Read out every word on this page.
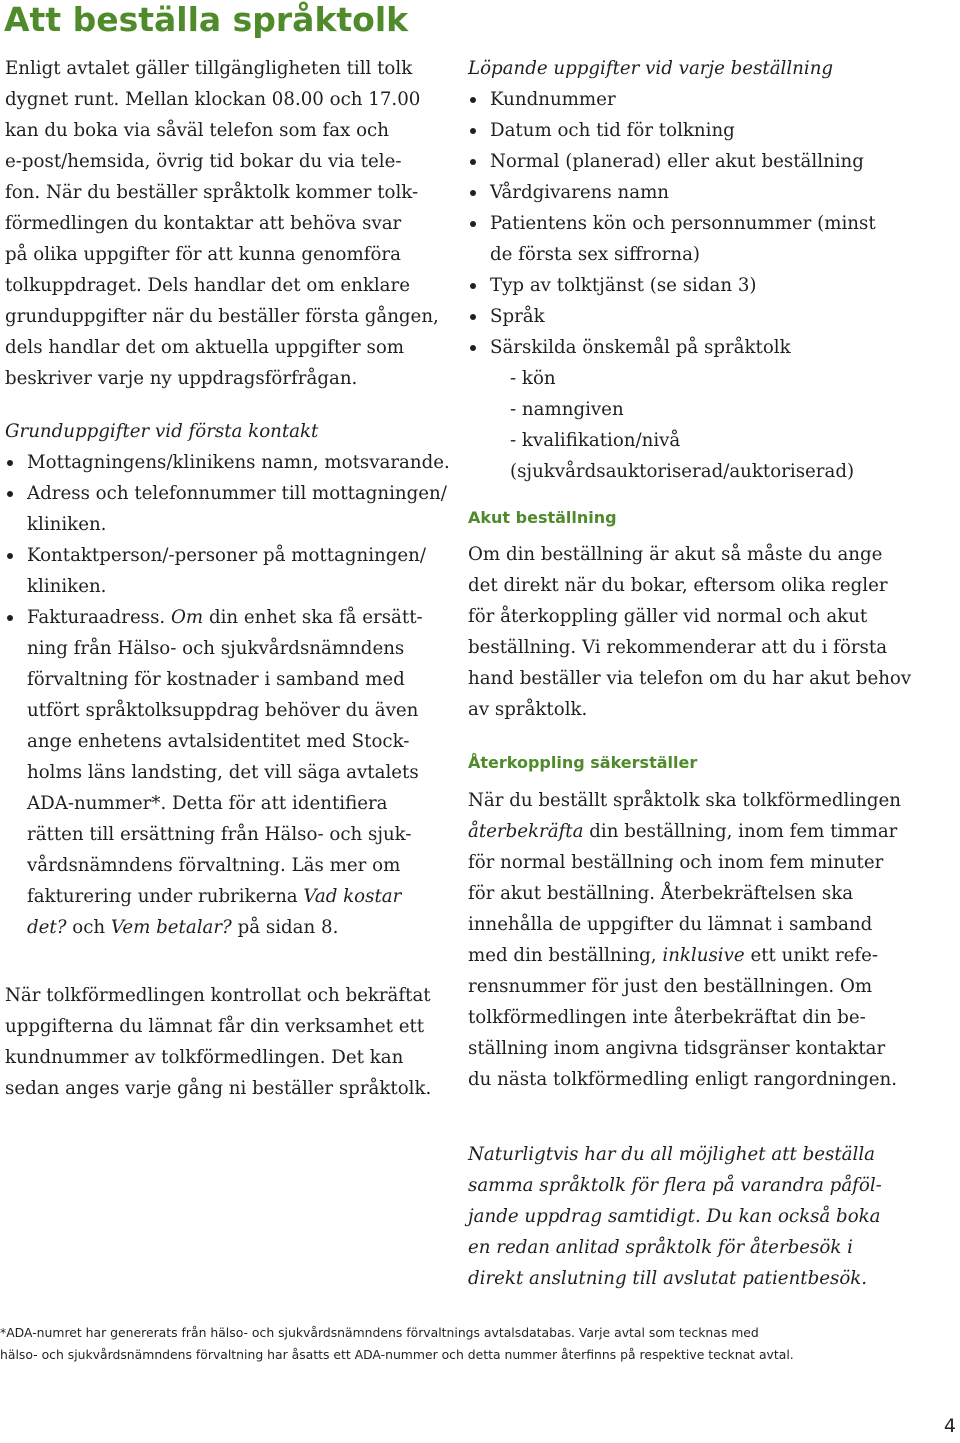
Att beställa språktolk
Enligt avtalet gäller tillgängligheten till tolk
dygnet runt. Mellan klockan 08.00 och 17.00
kan du boka via såväl telefon som fax och
e-post/hemsida, övrig tid bokar du via tele-
fon. När du beställer språktolk kommer tolk-
förmedlingen du kontaktar att behöva svar
på olika uppgifter för att kunna genomföra
tolkuppdraget. Dels handlar det om enklare
grunduppgifter när du beställer första gången,
dels handlar det om aktuella uppgifter som
beskriver varje ny uppdragsförfrågan.
Grunduppgifter vid första kontakt
Mottagningens/klinikens namn, motsvarande.
Adress och telefonnummer till mottagningen/
kliniken.
Kontaktperson/-personer på mottagningen/
kliniken.
Fakturaadress. Om din enhet ska få ersätt-
ning från Hälso- och sjukvårdsnämndens
förvaltning för kostnader i samband med
utfört språktolksuppdrag behöver du även
ange enhetens avtalsidentitet med Stock-
holms läns landsting, det vill säga avtalets
ADA-nummer*. Detta för att identifiera
rätten till ersättning från Hälso- och sjuk-
vårdsnämndens förvaltning. Läs mer om
fakturering under rubrikerna Vad kostar
det? och Vem betalar? på sidan 8.
När tolkförmedlingen kontrollat och bekräftat
uppgifterna du lämnat får din verksamhet ett
kundnummer av tolkförmedlingen. Det kan
sedan anges varje gång ni beställer språktolk.
Löpande uppgifter vid varje beställning
Kundnummer
Datum och tid för tolkning
Normal (planerad) eller akut beställning
Vårdgivarens namn
Patientens kön och personnummer (minst
de första sex siffrorna)
Typ av tolktjänst (se sidan 3)
Språk
Särskilda önskemål på språktolk
- kön
- namngiven
- kvalifikation/nivå
(sjukvårdsauktoriserad/auktoriserad)
Akut beställning
Om din beställning är akut så måste du ange
det direkt när du bokar, eftersom olika regler
för återkoppling gäller vid normal och akut
beställning. Vi rekommenderar att du i första
hand beställer via telefon om du har akut behov
av språktolk.
Återkoppling säkerställer
När du beställt språktolk ska tolkförmedlingen
återbekräfta din beställning, inom fem timmar
för normal beställning och inom fem minuter
för akut beställning. Återbekräftelsen ska
innehålla de uppgifter du lämnat i samband
med din beställning, inklusive ett unikt refe-
rensnummer för just den beställningen. Om
tolkförmedlingen inte återbekräftat din be-
ställning inom angivna tidsgränser kontaktar
du nästa tolkförmedling enligt rangordningen.
Naturligtvis har du all möjlighet att beställa
samma språktolk för flera på varandra påföl-
jande uppdrag samtidigt. Du kan också boka
en redan anlitad språktolk för återbesök i
direkt anslutning till avslutat patientbesök.
*ADA-numret har genererats från hälso- och sjukvårdsnämndens förvaltnings avtalsdatabas. Varje avtal som tecknas med
hälso- och sjukvårdsnämndens förvaltning har åsatts ett ADA-nummer och detta nummer återfinns på respektive tecknat avtal.
4
